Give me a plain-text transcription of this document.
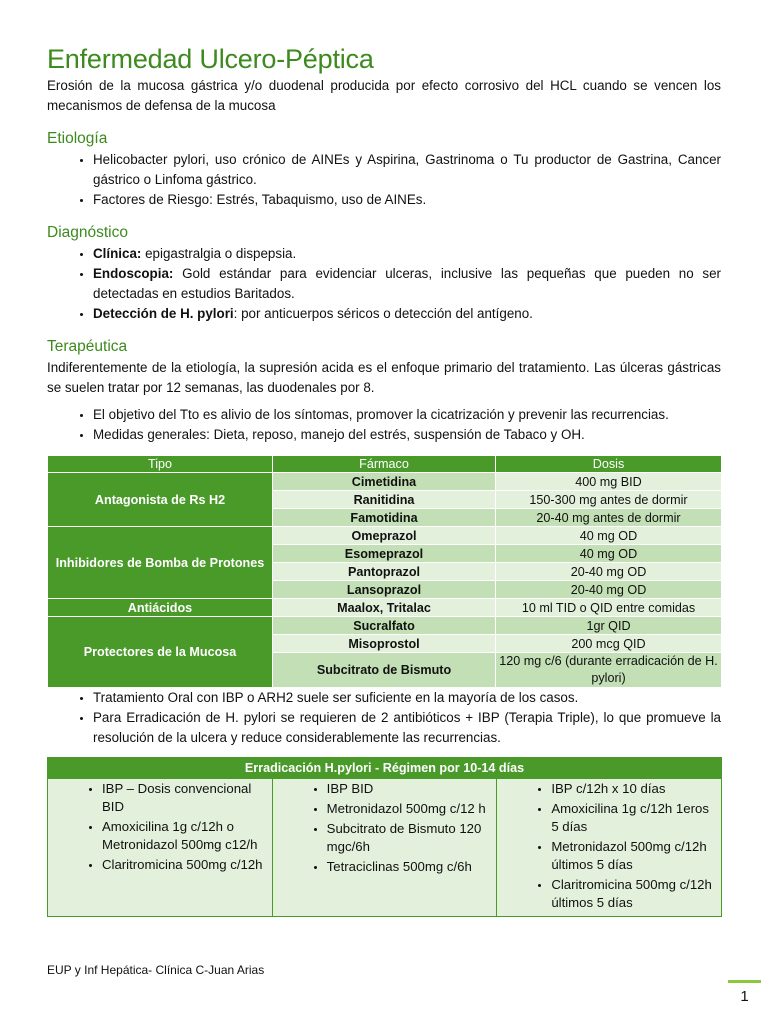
Enfermedad Ulcero-Péptica

Erosión de la mucosa gástrica y/o duodenal producida por efecto corrosivo del HCL cuando se vencen los mecanismos de defensa de la mucosa

Etiología
• Helicobacter pylori, uso crónico de AINEs y Aspirina, Gastrinoma o Tu productor de Gastrina, Cancer gástrico o Linfoma gástrico.
• Factores de Riesgo: Estrés, Tabaquismo, uso de AINEs.
Diagnóstico
• Clínica: epigastralgia o dispepsia.
• Endoscopia: Gold estándar para evidenciar ulceras, inclusive las pequeñas que pueden no ser detectadas en estudios Baritados.
• Detección de H. pylori: por anticuerpos séricos o detección del antígeno.
Terapéutica

Indiferentemente de la etiología, la supresión acida es el enfoque primario del tratamiento. Las úlceras gástricas se suelen tratar por 12 semanas, las duodenales por 8.

• El objetivo del Tto es alivio de los síntomas, promover la cicatrización y prevenir las recurrencias.
• Medidas generales: Dieta, reposo, manejo del estrés, suspensión de Tabaco y OH.
Tipo	Fármaco	Dosis
Antagonista de Rs H2	Cimetidina	400 mg BID
	Ranitidina	150-300 mg antes de dormir
	Famotidina	20-40 mg antes de dormir
Inhibidores de Bomba de Protones	Omeprazol	40 mg OD
	Esomeprazol	40 mg OD
	Pantoprazol	20-40 mg OD
	Lansoprazol	20-40 mg OD
Antiácidos	Maalox, Tritalac	10 ml TID o QID entre comidas
Protectores de la Mucosa	Sucralfato	1gr QID
	Misoprostol	200 mcg QID
	Subcitrato de Bismuto	120 mg c/6 (durante erradicación de H. pylori)
• Tratamiento Oral con IBP o ARH2 suele ser suficiente en la mayoría de los casos.
• Para Erradicación de H. pylori se requieren de 2 antibióticos + IBP (Terapia Triple), lo que promueve la resolución de la ulcera y reduce considerablemente las recurrencias.
Erradicación H.pylori - Régimen por 10-14 días

• IBP – Dosis convencional BID
• Amoxicilina 1g c/12h o Metronidazol 500mg c12/h
• Claritromicina 500mg c/12h

• IBP BID
• Metronidazol 500mg c/12 h
• Subcitrato de Bismuto 120 mgc/6h
• Tetraciclinas 500mg c/6h

• IBP c/12h x 10 días
• Amoxicilina 1g c/12h 1eros 5 días
• Metronidazol 500mg c/12h últimos 5 días
• Claritromicina 500mg c/12h últimos 5 días
EUP y Inf Hepática- Clínica C-Juan Arias
1
